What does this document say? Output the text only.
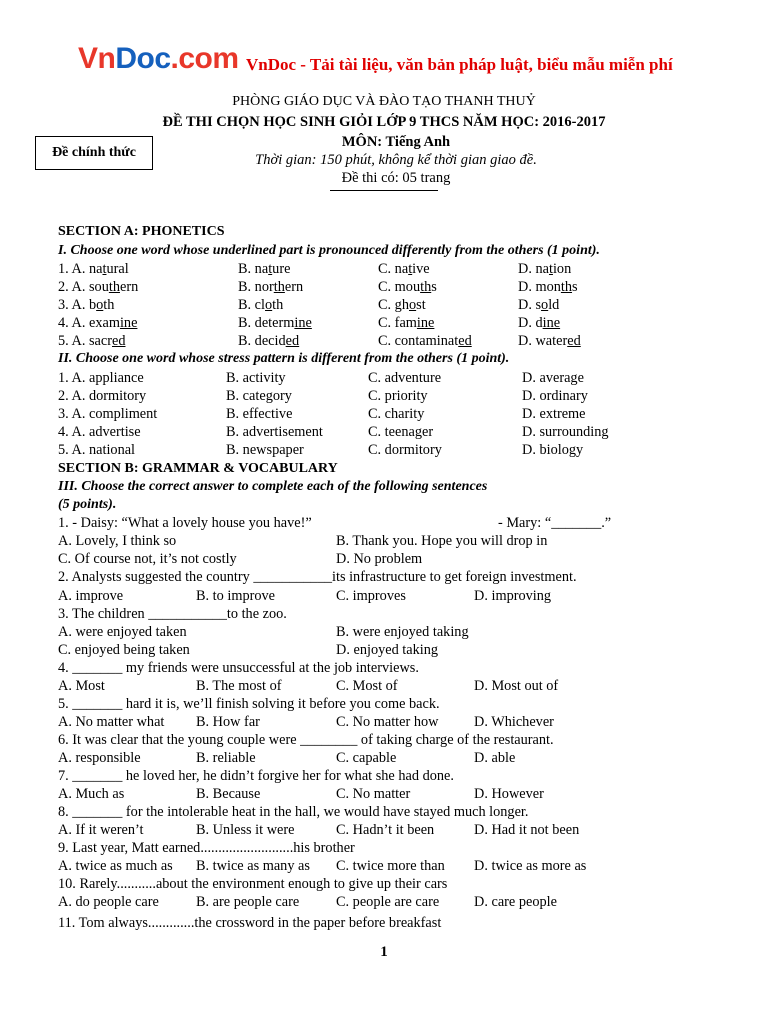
VnDoc.com VnDoc - Tải tài liệu, văn bản pháp luật, biểu mẫu miễn phí
PHÒNG GIÁO DỤC VÀ ĐÀO TẠO THANH THUỶ
ĐỀ THI CHỌN HỌC SINH GIỎI LỚP 9 THCS NĂM HỌC: 2016-2017
MÔN: Tiếng Anh
Thời gian: 150 phút, không kể thời gian giao đề.
Đề thi có: 05 trang
Đề chính thức
SECTION A: PHONETICS
I. Choose one word whose underlined part is pronounced differently from the others (1 point).
1. A. natural	B. nature	C. native	D. nation
2. A. southern	B. northern	C. mouths	D. months
3. A. both	B. cloth	C. ghost	D. sold
4. A. examine	B. determine	C. famine	D. dine
5. A. sacred	B. decided	C. contaminated	D. watered
II. Choose one word whose stress pattern is different from the others (1 point).
1. A. appliance	B. activity	C. adventure	D. average
2. A. dormitory	B. category	C. priority	D. ordinary
3. A. compliment	B. effective	C. charity	D. extreme
4. A. advertise	B. advertisement	C. teenager	D. surrounding
5. A. national	B. newspaper	C. dormitory	D. biology
SECTION B: GRAMMAR & VOCABULARY
III. Choose the correct answer to complete each of the following sentences
(5 points).
1. - Daisy: “What a lovely house you have!”	- Mary: “_______.”
A. Lovely, I think so	B. Thank you. Hope you will drop in
C. Of course not, it’s not costly	D. No problem
2. Analysts suggested the country ___________its infrastructure to get foreign investment.
A. improve	B. to improve	C. improves	D. improving
3. The children ___________to the zoo.
A. were enjoyed taken	B. were enjoyed taking
C. enjoyed being taken	D. enjoyed taking
4. _______ my friends were unsuccessful at the job interviews.
A. Most	B. The most of	C. Most of	D. Most out of
5. _______ hard it is, we’ll finish solving it before you come back.
A. No matter what B. How far	C. No matter how D. Whichever
6. It was clear that the young couple were ________ of taking charge of the restaurant.
A. responsible	B. reliable	C. capable	D. able
7. _______ he loved her, he didn’t forgive her for what she had done.
A. Much as	B. Because	C. No matter	D. However
8. _______ for the intolerable heat in the hall, we would have stayed much longer.
A. If it weren’t	B. Unless it were	C. Hadn’t it been	D. Had it not been
9. Last year, Matt earned..........................his brother
A. twice as much as B. twice as many as C. twice more than D. twice as more as
10. Rarely...........about the environment enough to give up their cars
A. do people care	B. are people care	C. people are care D. care people
11. Tom always.............the crossword in the paper before breakfast
1
